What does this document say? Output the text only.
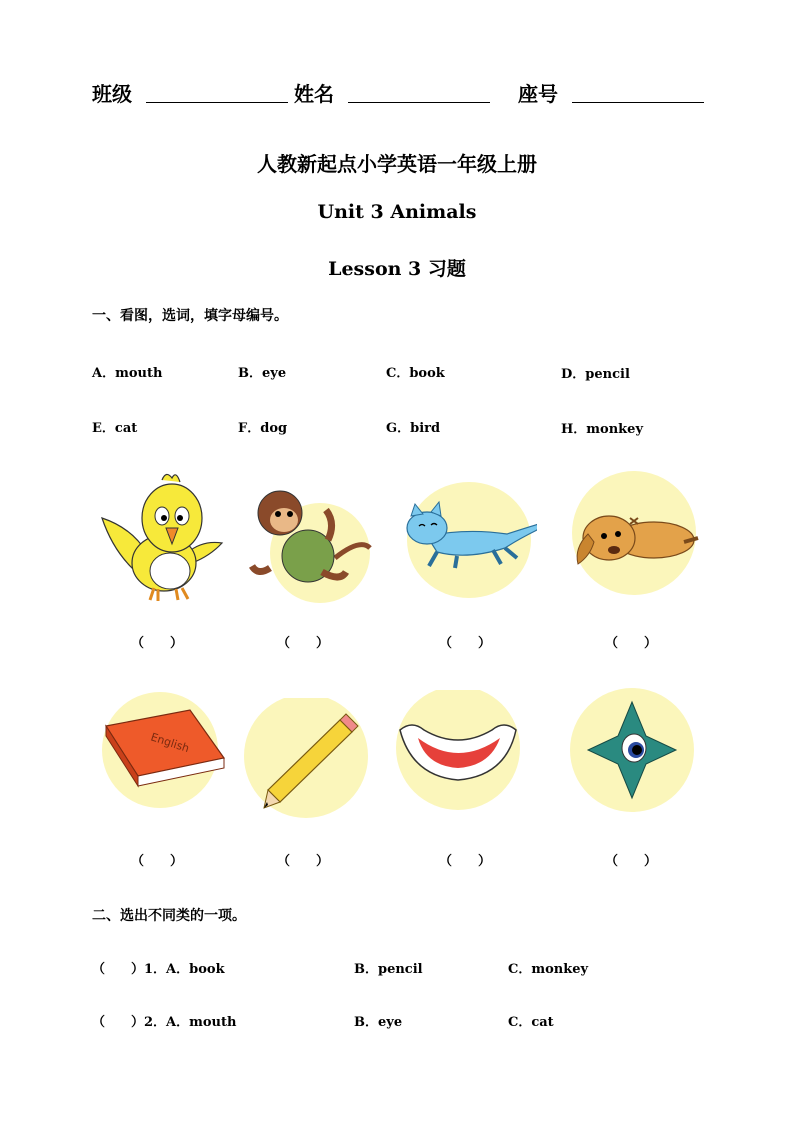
班级	姓名	座号
人教新起点小学英语一年级上册
Unit 3 Animals
Lesson 3 习题
一、看图，选词，填字母编号。
A．mouth	B．eye	C．book	D．pencil
E．cat	F．dog	G．bird	H．monkey
（　　）	（　　）	（　　）	（　　）
English
（　　）	（　　）	（　　）	（　　）
二、选出不同类的一项。
（　　）1．A．book	B．pencil	C．monkey
（　　）2．A．mouth	B．eye	C．cat
